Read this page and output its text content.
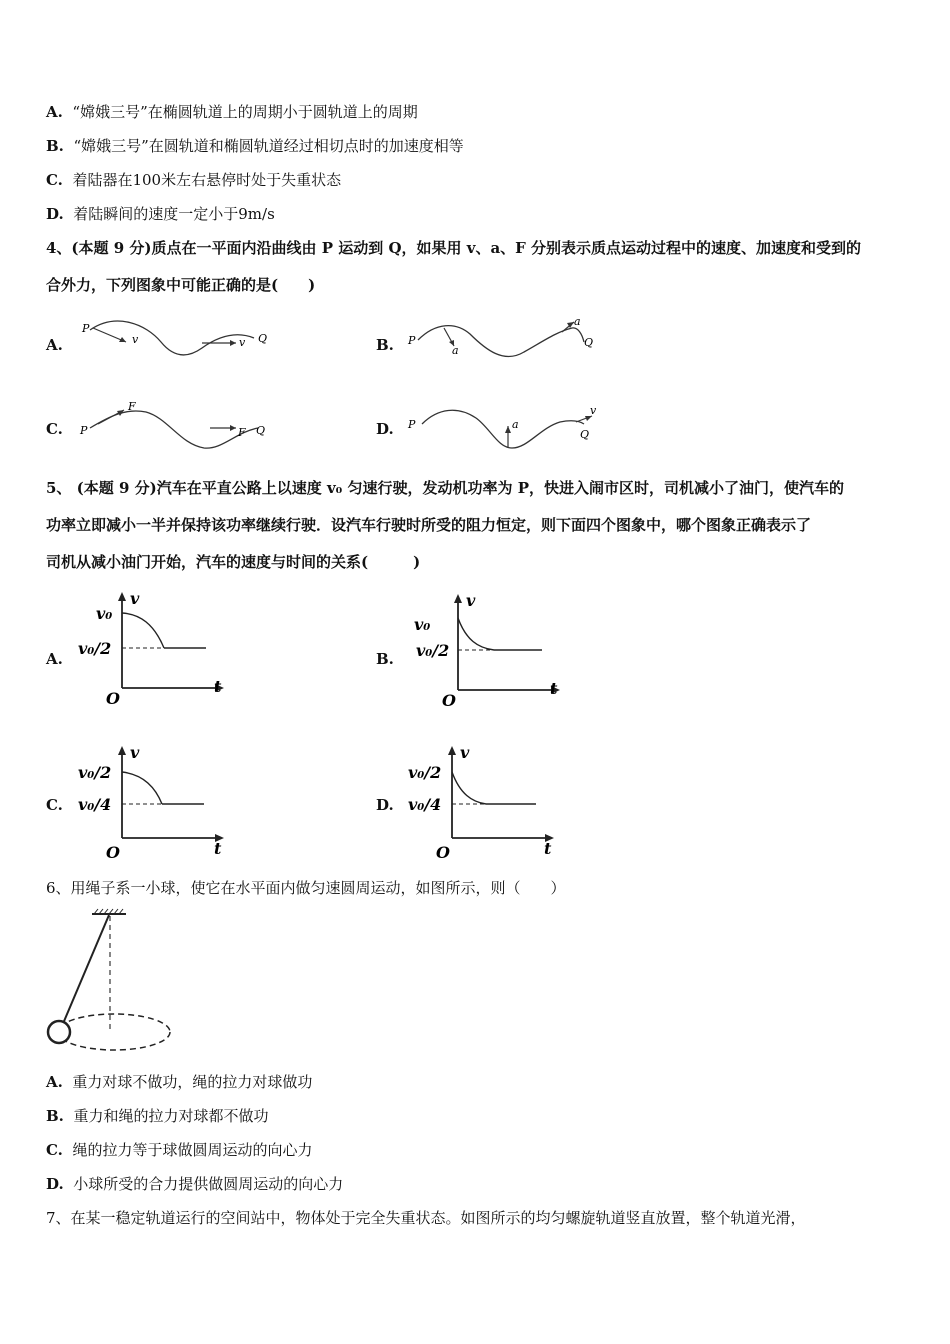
A. “嫦娥三号”在椭圆轨道上的周期小于圆轨道上的周期
B. “嫦娥三号”在圆轨道和椭圆轨道经过相切点时的加速度相等
C. 着陆器在100米左右悬停时处于失重状态
D. 着陆瞬间的速度一定小于9m/s
4、(本题 9 分)质点在一平面内沿曲线由 P 运动到 Q，如果用 v、a、F 分别表示质点运动过程中的速度、加速度和受到的
合外力，下列图象中可能正确的是(　　)
A.
P
v	v Q	B. P
a
a
Q
C. P
F
F Q	D. P	a
v
Q
5、 (本题 9 分)汽车在平直公路上以速度 v₀ 匀速行驶，发动机功率为 P，快进入闹市区时，司机减小了油门，使汽车的
功率立即减小一半并保持该功率继续行驶．设汽车行驶时所受的阻力恒定，则下面四个图象中，哪个图象正确表示了
司机从减小油门开始，汽车的速度与时间的关系(　　　)
A.
v
t
O
v₀
v₀/2
B.
v
t
O
v₀
v₀/2
C.
v
t
O
v₀/2
v₀/4	D.
v
t
O
v₀/2
v₀/4
6、用绳子系一小球，使它在水平面内做匀速圆周运动，如图所示，则（　　）
A. 重力对球不做功，绳的拉力对球做功
B. 重力和绳的拉力对球都不做功
C. 绳的拉力等于球做圆周运动的向心力
D. 小球所受的合力提供做圆周运动的向心力
7、在某一稳定轨道运行的空间站中，物体处于完全失重状态。如图所示的均匀螺旋轨道竖直放置，整个轨道光滑，
